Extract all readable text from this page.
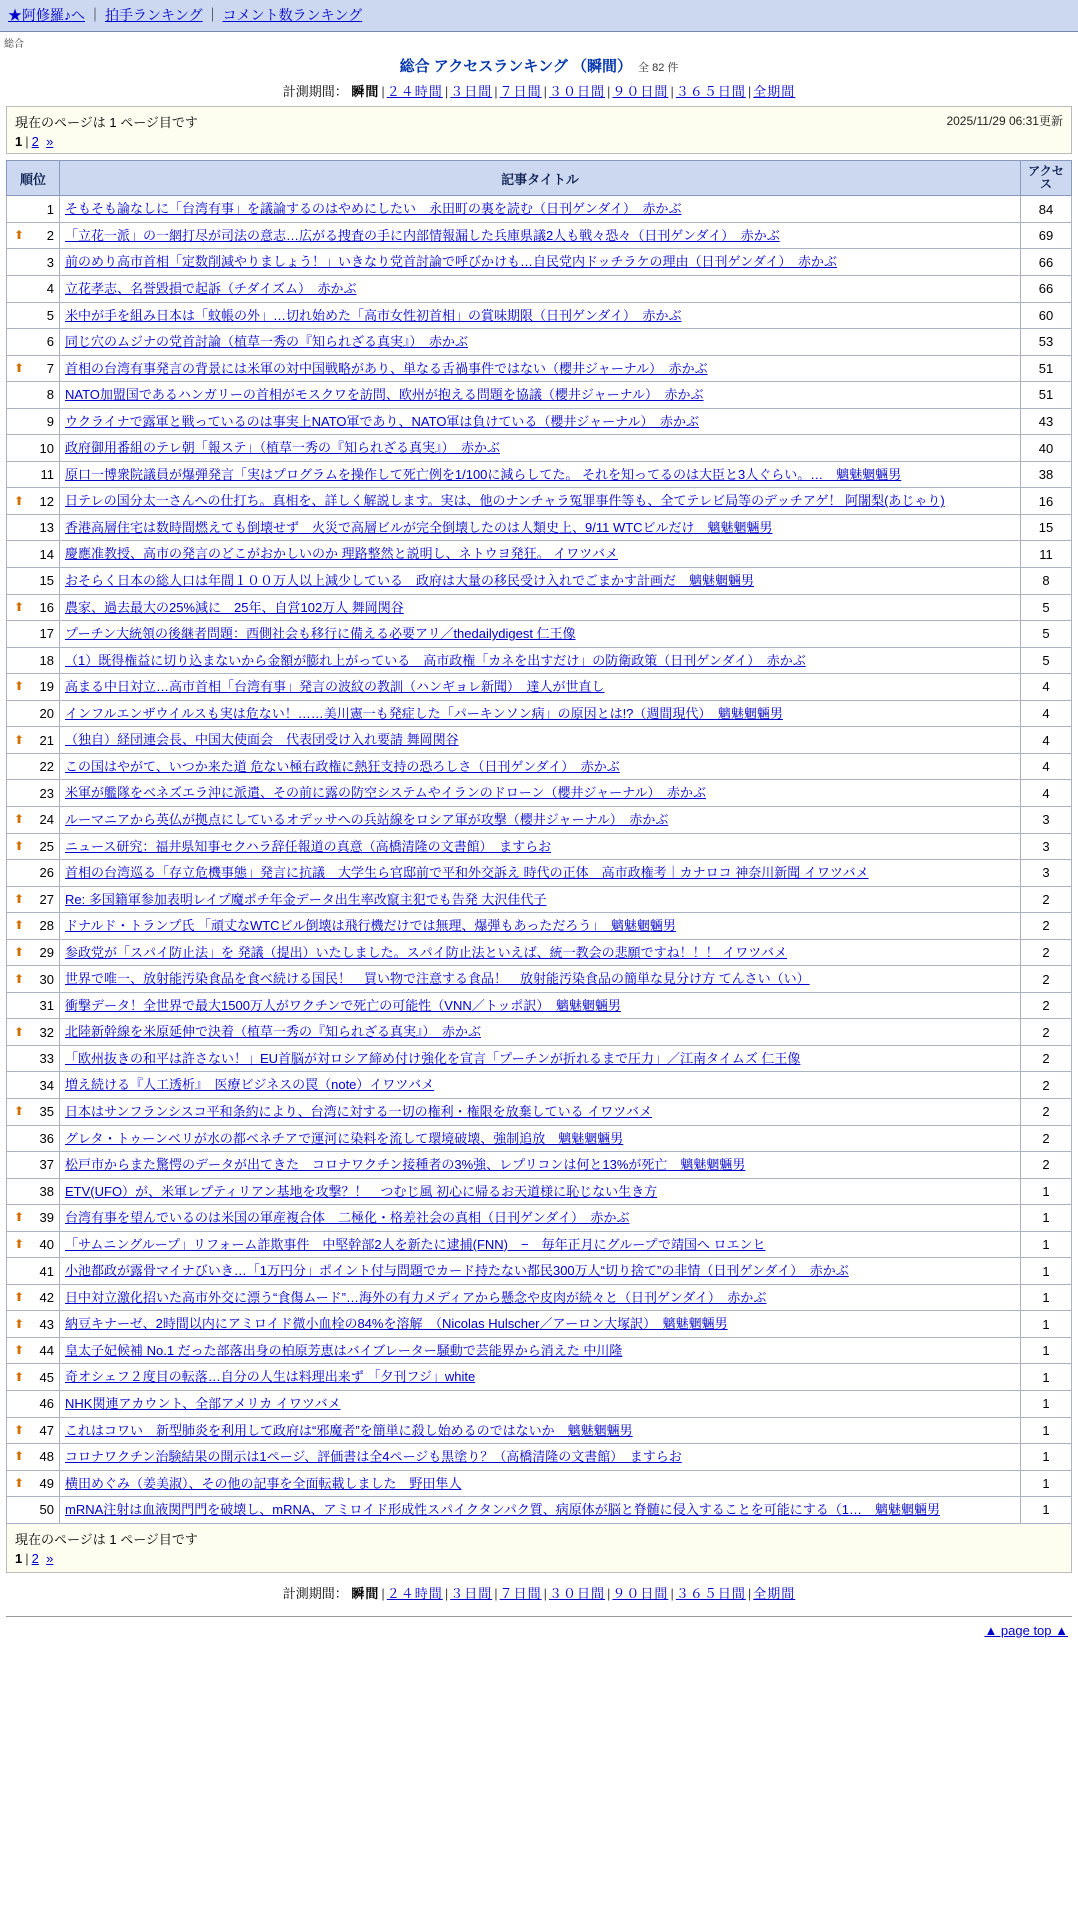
★阿修羅♪へ ｜ 拍手ランキング ｜ コメント数ランキング
総合
総合 アクセスランキング （瞬間） 全 82 件
計測期間： 瞬間 | ２４時間 | ３日間 | ７日間 | ３０日間 | ９０日間 | ３６５日間 | 全期間
2025/11/29 06:31更新
現在のページは 1 ページ目です
1 | 2 »
順位	記事タイトル	アクセス
1	そもそも論なしに「台湾有事」を議論するのはやめにしたい　永田町の裏を読む（日刊ゲンダイ）　赤かぶ	84

⬆ 2	「立花一派」の一網打尽が司法の意志…広がる捜査の手に内部情報漏した兵庫県議2人も戦々恐々（日刊ゲンダイ）　赤かぶ	69
3	前のめり高市首相「定数削減やりましょう！」いきなり党首討論で呼びかけも…自民党内ドッチラケの理由（日刊ゲンダイ）　赤かぶ	66
4	立花孝志、名誉毀損で起訴（チダイズム）　赤かぶ	66
5	米中が手を組み日本は「蚊帳の外」…切れ始めた「高市女性初首相」の賞味期限（日刊ゲンダイ）　赤かぶ	60
6	同じ穴のムジナの党首討論（植草一秀の『知られざる真実』）　赤かぶ	53

⬆ 7	首相の台湾有事発言の背景には米軍の対中国戦略があり、単なる舌禍事件ではない（櫻井ジャーナル）　赤かぶ	51
8	NATO加盟国であるハンガリーの首相がモスクワを訪問、欧州が抱える問題を協議（櫻井ジャーナル）　赤かぶ	51
9	ウクライナで露軍と戦っているのは事実上NATO軍であり、NATO軍は負けている（櫻井ジャーナル）　赤かぶ	43
10	政府御用番組のテレ朝「報ステ」（植草一秀の『知られざる真実』）　赤かぶ	40
11	原口一博衆院議員が爆弾発言「実はプログラムを操作して死亡例を1/100に減らしてた。 それを知ってるのは大臣と3人ぐらい。…　魑魅魍魎男	38

⬆ 12	日テレの国分太一さんへの仕打ち。真相を、詳しく解説します。実は、他のナンチャラ冤罪事件等も、全てテレビ局等のデッチアゲ！ 阿闍梨(あじゃり)	16
13	香港高層住宅は数時間燃えても倒壊せず　火災で高層ビルが完全倒壊したのは人類史上、9/11 WTCビルだけ　魑魅魍魎男	15
14	慶應准教授、高市の発言のどこがおかしいのか 理路整然と説明し、ネトウヨ発狂。 イワツバメ	11
15	おそらく日本の総人口は年間１００万人以上減少している　政府は大量の移民受け入れでごまかす計画だ　魑魅魍魎男	8

⬆ 16	農家、過去最大の25%減に　25年、自営102万人 舞岡関谷	5
17	プーチン大統領の後継者問題：西側社会も移行に備える必要アリ／thedailydigest 仁王像	5
18	（1）既得権益に切り込まないから金額が膨れ上がっている　高市政権「カネを出すだけ」の防衛政策（日刊ゲンダイ）　赤かぶ	5

⬆ 19	高まる中日対立…高市首相「台湾有事」発言の波紋の教訓（ハンギョレ新聞）　達人が世直し	4
20	インフルエンザウイルスも実は危ない！……美川憲一も発症した「パーキンソン病」の原因とは!?（週間現代）　魑魅魍魎男	4

⬆ 21	（独自）経団連会長、中国大使面会　代表団受け入れ要請 舞岡関谷	4
22	この国はやがて、いつか来た道 危ない極右政権に熱狂支持の恐ろしさ（日刊ゲンダイ）　赤かぶ	4
23	米軍が艦隊をベネズエラ沖に派遣、その前に露の防空システムやイランのドローン（櫻井ジャーナル）　赤かぶ	4

⬆ 24	ルーマニアから英仏が拠点にしているオデッサへの兵站線をロシア軍が攻撃（櫻井ジャーナル）　赤かぶ	3

⬆ 25	ニュース研究：福井県知事セクハラ辞任報道の真意（高橋清隆の文書館）　ますらお	3
26	首相の台湾巡る「存立危機事態」発言に抗議　大学生ら官邸前で平和外交訴え 時代の正体　高市政権考｜カナロコ 神奈川新聞 イワツバメ	3

⬆ 27	Re: 多国籍軍参加表明レイプ魔ポチ年金データ出生率改竄主犯でも告発 大沢佳代子	2

⬆ 28	ドナルド・トランプ氏 「頑丈なWTCビル倒壊は飛行機だけでは無理、爆弾もあっただろう」　魑魅魍魎男	2

⬆ 29	参政党が「スパイ防止法」を 発議（提出）いたしました。スパイ防止法といえば、統一教会の悲願ですね！！！ イワツバメ	2

⬆ 30	世界で唯一、放射能汚染食品を食べ続ける国民！　買い物で注意する食品！　放射能汚染食品の簡単な見分け方 てんさい（い）	2
31	衝撃データ！全世界で最大1500万人がワクチンで死亡の可能性（VNN／トッポ訳）　魑魅魍魎男	2

⬆ 32	北陸新幹線を米原延伸で決着（植草一秀の『知られざる真実』）　赤かぶ	2
33	「欧州抜きの和平は許さない！」EU首脳が対ロシア締め付け強化を宣言「プーチンが折れるまで圧力」／江南タイムズ 仁王像	2
34	増え続ける『人工透析』　医療ビジネスの罠（note）イワツバメ	2

⬆ 35	日本はサンフランシスコ平和条約により、台湾に対する一切の権利・権限を放棄している イワツバメ	2
36	グレタ・トゥーンベリが水の都ベネチアで運河に染料を流して環境破壊、強制追放　魑魅魍魎男	2
37	松戸市からまた驚愕のデータが出てきた　コロナワクチン接種者の3%強、レプリコンは何と13%が死亡　魑魅魍魎男	2
38	ETV(UFO）が、米軍レプティリアン基地を攻撃？！　つむじ風 初心に帰るお天道様に恥じない生き方	1

⬆ 39	台湾有事を望んでいるのは米国の軍産複合体　二極化・格差社会の真相（日刊ゲンダイ）　赤かぶ	1

⬆ 40	「サムニングループ」リフォーム詐欺事件　中堅幹部2人を新たに逮捕(FNN)　−　毎年正月にグループで靖国へ ロエンヒ	1
41	小池都政が露骨マイナびいき…「1万円分」ポイント付与問題でカード持たない都民300万人“切り捨て”の非情（日刊ゲンダイ）　赤かぶ	1

⬆ 42	日中対立激化招いた高市外交に漂う“食傷ムード”…海外の有力メディアから懸念や皮肉が続々と（日刊ゲンダイ）　赤かぶ	1

⬆ 43	納豆キナーゼ、2時間以内にアミロイド微小血栓の84%を溶解　（Nicolas Hulscher／アーロン大塚訳）　魑魅魍魎男	1

⬆ 44	皇太子妃候補 No.1 だった部落出身の柏原芳恵はバイブレーター騒動で芸能界から消えた 中川隆	1

⬆ 45	奇オシェフ２度目の転落…自分の人生は料理出来ず 「夕刊フジ」white	1
46	NHK関連アカウント、全部アメリカ イワツバメ	1

⬆ 47	これはコワい　新型肺炎を利用して政府は“邪魔者”を簡単に殺し始めるのではないか　魑魅魍魎男	1

⬆ 48	コロナワクチン治験結果の開示は1ページ、評価書は全4ページも黒塗り？（高橋清隆の文書館）　ますらお	1

⬆ 49	横田めぐみ（姜美淑）、その他の記事を全面転載しました　野田隼人	1
50	mRNA注射は血液関門門を破壊し、mRNA、アミロイド形成性スパイクタンパク質、病原体が脳と脊髄に侵入することを可能にする（1…　魑魅魍魎男	1
現在のページは 1 ページ目です
1 | 2 »
計測期間： 瞬間 | ２４時間 | ３日間 | ７日間 | ３０日間 | ９０日間 | ３６５日間 | 全期間
▲ page top ▲
